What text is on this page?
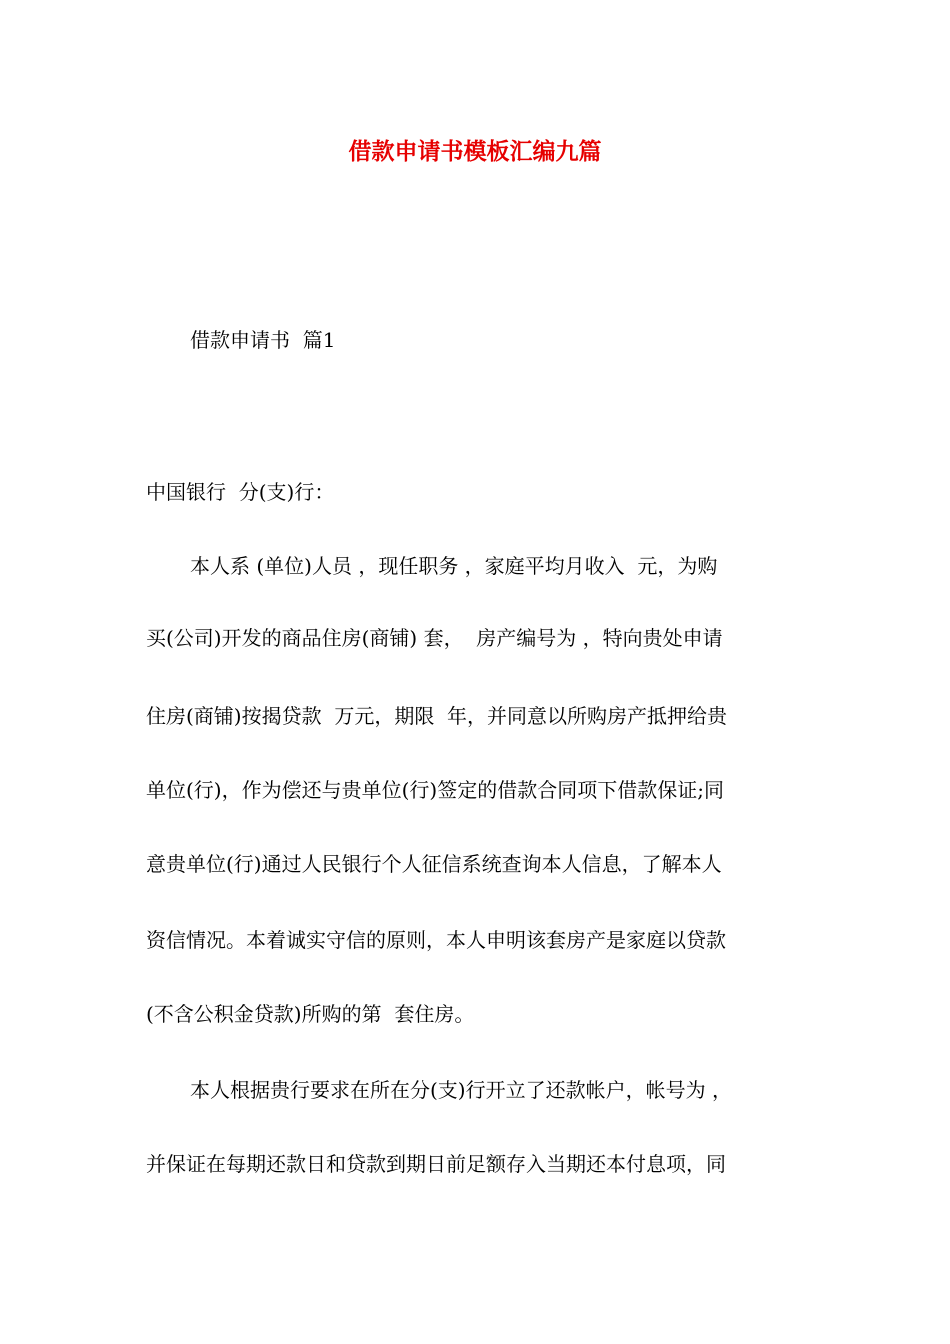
借款申请书模板汇编九篇
借款申请书  篇1
中国银行  分(支)行：
本人系 (单位)人员 ，现任职务 ，家庭平均月收入  元，为购
买(公司)开发的商品住房(商铺) 套，  房产编号为 ，特向贵处申请
住房(商铺)按揭贷款  万元，期限  年，并同意以所购房产抵押给贵
单位(行)，作为偿还与贵单位(行)签定的借款合同项下借款保证;同
意贵单位(行)通过人民银行个人征信系统查询本人信息，了解本人
资信情况。本着诚实守信的原则，本人申明该套房产是家庭以贷款
(不含公积金贷款)所购的第  套住房。
本人根据贵行要求在所在分(支)行开立了还款帐户，帐号为 ，
并保证在每期还款日和贷款到期日前足额存入当期还本付息项，同
